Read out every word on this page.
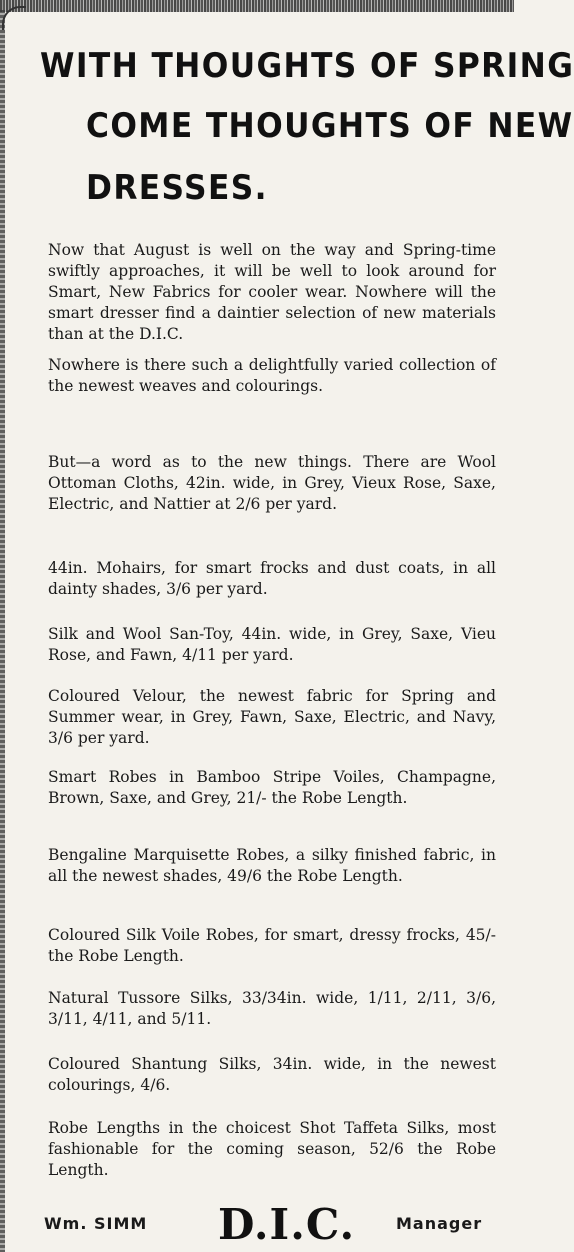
WITH THOUGHTS OF SPRING
COME THOUGHTS OF NEW
DRESSES.
Now that August is well on the way and Spring-time swiftly approaches, it will be well to look around for Smart, New Fabrics for cooler wear. Nowhere will the smart dresser find a daintier selection of new materials than at the D.I.C.
Nowhere is there such a delightfully varied collection of the newest weaves and colourings.
But—a word as to the new things. There are Wool Ottoman Cloths, 42in. wide, in Grey, Vieux Rose, Saxe, Electric, and Nattier at 2/6 per yard.
44in. Mohairs, for smart frocks and dust coats, in all dainty shades, 3/6 per yard.
Silk and Wool San-Toy, 44in. wide, in Grey, Saxe, Vieu Rose, and Fawn, 4/11 per yard.
Coloured Velour, the newest fabric for Spring and Summer wear, in Grey, Fawn, Saxe, Electric, and Navy, 3/6 per yard.
Smart Robes in Bamboo Stripe Voiles, Champagne, Brown, Saxe, and Grey, 21/- the Robe Length.
Bengaline Marquisette Robes, a silky finished fabric, in all the newest shades, 49/6 the Robe Length.
Coloured Silk Voile Robes, for smart, dressy frocks, 45/- the Robe Length.
Natural Tussore Silks, 33/34in. wide, 1/11, 2/11, 3/6, 3/11, 4/11, and 5/11.
Coloured Shantung Silks, 34in. wide, in the newest colourings, 4/6.
Robe Lengths in the choicest Shot Taffeta Silks, most fashionable for the coming season, 52/6 the Robe Length.
Wm. SIMM D.I.C.	Manager
